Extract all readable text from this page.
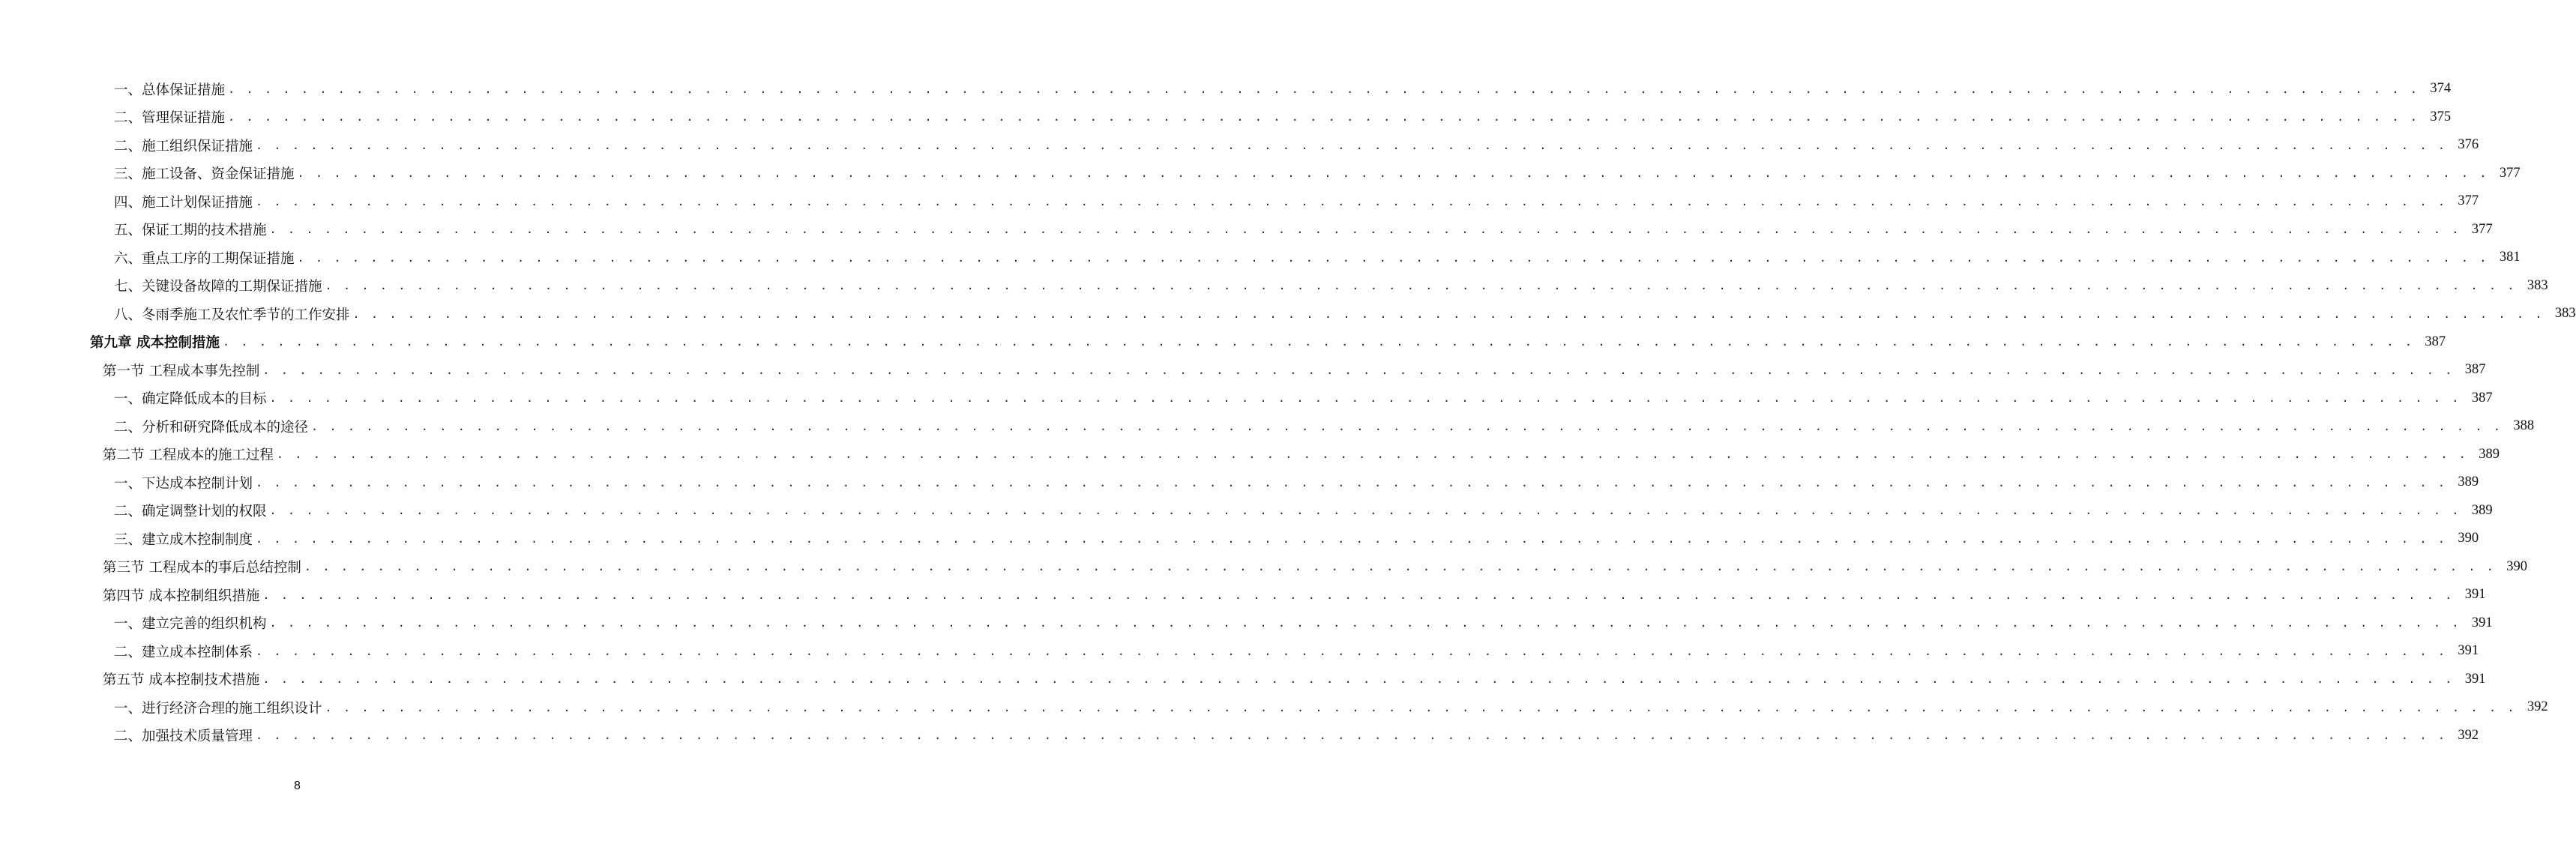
一、总体保证措施 . . . . . . . . . . . . . . . . . . . . . . . . . . . . . . . . . . . . . . . . . . . . . . . . . . . . . . . . . . . . . . . . . . . . . . . . . . . . . . . . . . . . . . . . . . . . . . . . . . . . . . . . . . . . . . . . . . . . . . . . 374
二、管理保证措施 . . . . . . . . . . . . . . . . . . . . . . . . . . . . . . . . . . . . . . . . . . . . . . . . . . . . . . . . . . . . . . . . . . . . . . . . . . . . . . . . . . . . . . . . . . . . . . . . . . . . . . . . . . . . . . . . . . . . . . . . 375
二、施工组织保证措施 . . . . . . . . . . . . . . . . . . . . . . . . . . . . . . . . . . . . . . . . . . . . . . . . . . . . . . . . . . . . . . . . . . . . . . . . . . . . . . . . . . . . . . . . . . . . . . . . . . . . . . . . . . . . . . . . . . . . . . . . 376
三、施工设备、资金保证措施 . . . . . . . . . . . . . . . . . . . . . . . . . . . . . . . . . . . . . . . . . . . . . . . . . . . . . . . . . . . . . . . . . . . . . . . . . . . . . . . . . . . . . . . . . . . . . . . . . . . . . . . . . . . . . . . . . . . . . . . . 377
四、施工计划保证措施 . . . . . . . . . . . . . . . . . . . . . . . . . . . . . . . . . . . . . . . . . . . . . . . . . . . . . . . . . . . . . . . . . . . . . . . . . . . . . . . . . . . . . . . . . . . . . . . . . . . . . . . . . . . . . . . . . . . . . . . . 377
五、保证工期的技术措施 . . . . . . . . . . . . . . . . . . . . . . . . . . . . . . . . . . . . . . . . . . . . . . . . . . . . . . . . . . . . . . . . . . . . . . . . . . . . . . . . . . . . . . . . . . . . . . . . . . . . . . . . . . . . . . . . . . . . . . . . 377
六、重点工序的工期保证措施 . . . . . . . . . . . . . . . . . . . . . . . . . . . . . . . . . . . . . . . . . . . . . . . . . . . . . . . . . . . . . . . . . . . . . . . . . . . . . . . . . . . . . . . . . . . . . . . . . . . . . . . . . . . . . . . . . . . . . . . . 381
七、关键设备故障的工期保证措施 . . . . . . . . . . . . . . . . . . . . . . . . . . . . . . . . . . . . . . . . . . . . . . . . . . . . . . . . . . . . . . . . . . . . . . . . . . . . . . . . . . . . . . . . . . . . . . . . . . . . . . . . . . . . . . . . . . . . . . . . 383
八、冬雨季施工及农忙季节的工作安排 . . . . . . . . . . . . . . . . . . . . . . . . . . . . . . . . . . . . . . . . . . . . . . . . . . . . . . . . . . . . . . . . . . . . . . . . . . . . . . . . . . . . . . . . . . . . . . . . . . . . . . . . . . . . . . . . . . . . . . . . 383
第九章 成本控制措施 . . . . . . . . . . . . . . . . . . . . . . . . . . . . . . . . . . . . . . . . . . . . . . . . . . . . . . . . . . . . . . . . . . . . . . . . . . . . . . . . . . . . . . . . . . . . . . . . . . . . . . . . . . . . . . . . . . . . . . . . 387
第一节 工程成本事先控制 . . . . . . . . . . . . . . . . . . . . . . . . . . . . . . . . . . . . . . . . . . . . . . . . . . . . . . . . . . . . . . . . . . . . . . . . . . . . . . . . . . . . . . . . . . . . . . . . . . . . . . . . . . . . . . . . . . . . . . . . 387
一、确定降低成本的目标 . . . . . . . . . . . . . . . . . . . . . . . . . . . . . . . . . . . . . . . . . . . . . . . . . . . . . . . . . . . . . . . . . . . . . . . . . . . . . . . . . . . . . . . . . . . . . . . . . . . . . . . . . . . . . . . . . . . . . . . . 387
二、分析和研究降低成本的途径 . . . . . . . . . . . . . . . . . . . . . . . . . . . . . . . . . . . . . . . . . . . . . . . . . . . . . . . . . . . . . . . . . . . . . . . . . . . . . . . . . . . . . . . . . . . . . . . . . . . . . . . . . . . . . . . . . . . . . . . . 388
第二节 工程成本的施工过程 . . . . . . . . . . . . . . . . . . . . . . . . . . . . . . . . . . . . . . . . . . . . . . . . . . . . . . . . . . . . . . . . . . . . . . . . . . . . . . . . . . . . . . . . . . . . . . . . . . . . . . . . . . . . . . . . . . . . . . . . 389
一、下达成本控制计划 . . . . . . . . . . . . . . . . . . . . . . . . . . . . . . . . . . . . . . . . . . . . . . . . . . . . . . . . . . . . . . . . . . . . . . . . . . . . . . . . . . . . . . . . . . . . . . . . . . . . . . . . . . . . . . . . . . . . . . . . 389
二、确定调整计划的权限 . . . . . . . . . . . . . . . . . . . . . . . . . . . . . . . . . . . . . . . . . . . . . . . . . . . . . . . . . . . . . . . . . . . . . . . . . . . . . . . . . . . . . . . . . . . . . . . . . . . . . . . . . . . . . . . . . . . . . . . . 389
三、建立成木控制制度 . . . . . . . . . . . . . . . . . . . . . . . . . . . . . . . . . . . . . . . . . . . . . . . . . . . . . . . . . . . . . . . . . . . . . . . . . . . . . . . . . . . . . . . . . . . . . . . . . . . . . . . . . . . . . . . . . . . . . . . . 390
第三节 工程成本的事后总结控制 . . . . . . . . . . . . . . . . . . . . . . . . . . . . . . . . . . . . . . . . . . . . . . . . . . . . . . . . . . . . . . . . . . . . . . . . . . . . . . . . . . . . . . . . . . . . . . . . . . . . . . . . . . . . . . . . . . . . . . . . 390
第四节 成本控制组织措施 . . . . . . . . . . . . . . . . . . . . . . . . . . . . . . . . . . . . . . . . . . . . . . . . . . . . . . . . . . . . . . . . . . . . . . . . . . . . . . . . . . . . . . . . . . . . . . . . . . . . . . . . . . . . . . . . . . . . . . . . 391
一、建立完善的组织机构 . . . . . . . . . . . . . . . . . . . . . . . . . . . . . . . . . . . . . . . . . . . . . . . . . . . . . . . . . . . . . . . . . . . . . . . . . . . . . . . . . . . . . . . . . . . . . . . . . . . . . . . . . . . . . . . . . . . . . . . . 391
二、建立成本控制体系 . . . . . . . . . . . . . . . . . . . . . . . . . . . . . . . . . . . . . . . . . . . . . . . . . . . . . . . . . . . . . . . . . . . . . . . . . . . . . . . . . . . . . . . . . . . . . . . . . . . . . . . . . . . . . . . . . . . . . . . . 391
第五节 成本控制技术措施 . . . . . . . . . . . . . . . . . . . . . . . . . . . . . . . . . . . . . . . . . . . . . . . . . . . . . . . . . . . . . . . . . . . . . . . . . . . . . . . . . . . . . . . . . . . . . . . . . . . . . . . . . . . . . . . . . . . . . . . . 391
一、进行经济合理的施工组织设计 . . . . . . . . . . . . . . . . . . . . . . . . . . . . . . . . . . . . . . . . . . . . . . . . . . . . . . . . . . . . . . . . . . . . . . . . . . . . . . . . . . . . . . . . . . . . . . . . . . . . . . . . . . . . . . . . . . . . . . . . 392
二、加强技术质量管理 . . . . . . . . . . . . . . . . . . . . . . . . . . . . . . . . . . . . . . . . . . . . . . . . . . . . . . . . . . . . . . . . . . . . . . . . . . . . . . . . . . . . . . . . . . . . . . . . . . . . . . . . . . . . . . . . . . . . . . . . 392
8
